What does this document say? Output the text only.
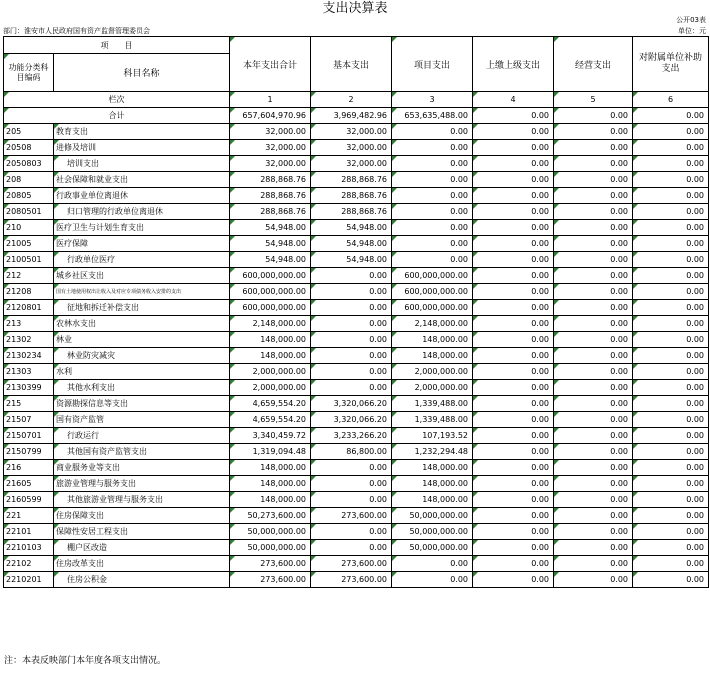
支出决算表
公开03表
单位：元
部门：淮安市人民政府国有资产监督管理委员会
项　　目		本年支出合计	基本支出	项目支出	上缴上级支出	经营支出	对附属单位补助支出
功能分类科目编码	科目名称						

栏次		1	2	3	4	5	6
合计		657,604,970.96	3,969,482.96	653,635,488.00	0.00	0.00	0.00
205	教育支出	32,000.00	32,000.00	0.00	0.00	0.00	0.00
20508	进修及培训	32,000.00	32,000.00	0.00	0.00	0.00	0.00
2050803	培训支出	32,000.00	32,000.00	0.00	0.00	0.00	0.00
208	社会保障和就业支出	288,868.76	288,868.76	0.00	0.00	0.00	0.00
20805	行政事业单位离退休	288,868.76	288,868.76	0.00	0.00	0.00	0.00
2080501	归口管理的行政单位离退休	288,868.76	288,868.76	0.00	0.00	0.00	0.00
210	医疗卫生与计划生育支出	54,948.00	54,948.00	0.00	0.00	0.00	0.00
21005	医疗保障	54,948.00	54,948.00	0.00	0.00	0.00	0.00
2100501	行政单位医疗	54,948.00	54,948.00	0.00	0.00	0.00	0.00
212	城乡社区支出	600,000,000.00	0.00	600,000,000.00	0.00	0.00	0.00
21208	国有土地使用权出让收入及对应专项债务收入安排的支出	600,000,000.00	0.00	600,000,000.00	0.00	0.00	0.00
2120801	征地和拆迁补偿支出	600,000,000.00	0.00	600,000,000.00	0.00	0.00	0.00
213	农林水支出	2,148,000.00	0.00	2,148,000.00	0.00	0.00	0.00
21302	林业	148,000.00	0.00	148,000.00	0.00	0.00	0.00
2130234	林业防灾减灾	148,000.00	0.00	148,000.00	0.00	0.00	0.00
21303	水利	2,000,000.00	0.00	2,000,000.00	0.00	0.00	0.00
2130399	其他水利支出	2,000,000.00	0.00	2,000,000.00	0.00	0.00	0.00
215	资源勘探信息等支出	4,659,554.20	3,320,066.20	1,339,488.00	0.00	0.00	0.00
21507	国有资产监管	4,659,554.20	3,320,066.20	1,339,488.00	0.00	0.00	0.00
2150701	行政运行	3,340,459.72	3,233,266.20	107,193.52	0.00	0.00	0.00
2150799	其他国有资产监管支出	1,319,094.48	86,800.00	1,232,294.48	0.00	0.00	0.00
216	商业服务业等支出	148,000.00	0.00	148,000.00	0.00	0.00	0.00
21605	旅游业管理与服务支出	148,000.00	0.00	148,000.00	0.00	0.00	0.00
2160599	其他旅游业管理与服务支出	148,000.00	0.00	148,000.00	0.00	0.00	0.00
221	住房保障支出	50,273,600.00	273,600.00	50,000,000.00	0.00	0.00	0.00
22101	保障性安居工程支出	50,000,000.00	0.00	50,000,000.00	0.00	0.00	0.00
2210103	棚户区改造	50,000,000.00	0.00	50,000,000.00	0.00	0.00	0.00
22102	住房改革支出	273,600.00	273,600.00	0.00	0.00	0.00	0.00
2210201	住房公积金	273,600.00	273,600.00	0.00	0.00	0.00	0.00
注：本表反映部门本年度各项支出情况。
